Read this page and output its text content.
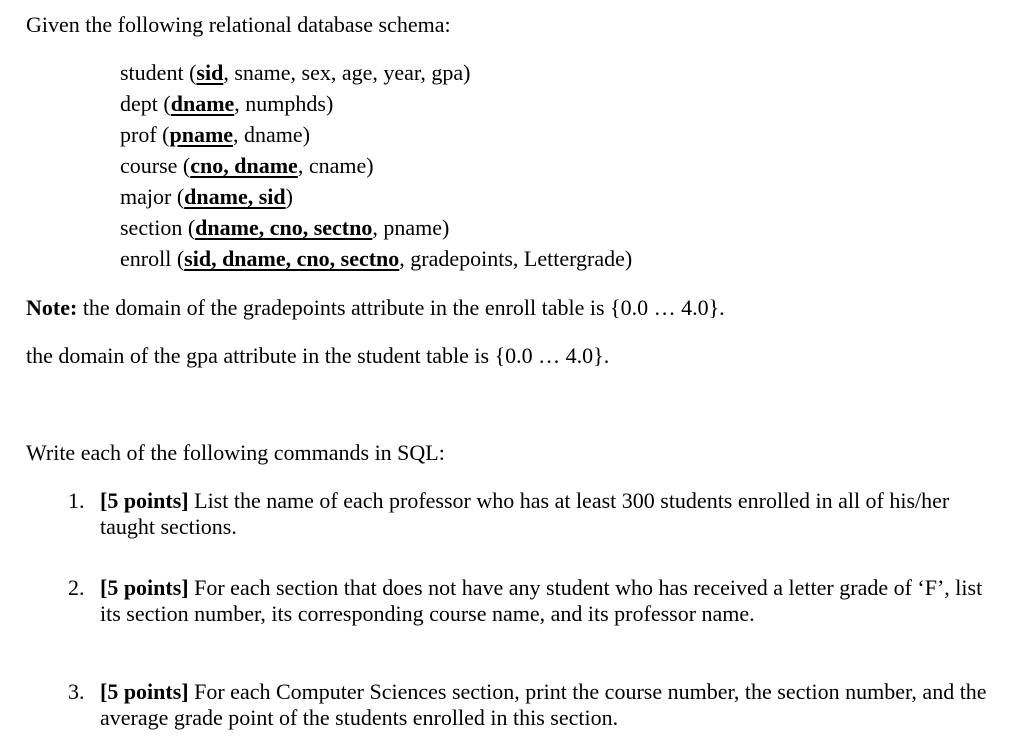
Given the following relational database schema:
student (sid, sname, sex, age, year, gpa)
dept (dname, numphds)
prof (pname, dname)
course (cno, dname, cname)
major (dname, sid)
section (dname, cno, sectno, pname)
enroll (sid, dname, cno, sectno, gradepoints, Lettergrade)
Note: the domain of the gradepoints attribute in the enroll table is {0.0 … 4.0}.
the domain of the gpa attribute in the student table is {0.0 … 4.0}.
Write each of the following commands in SQL:
1. [5 points] List the name of each professor who has at least 300 students enrolled in all of his/her taught sections.
2. [5 points] For each section that does not have any student who has received a letter grade of ‘F’, list its section number, its corresponding course name, and its professor name.
3. [5 points] For each Computer Sciences section, print the course number, the section number, and the average grade point of the students enrolled in this section.
